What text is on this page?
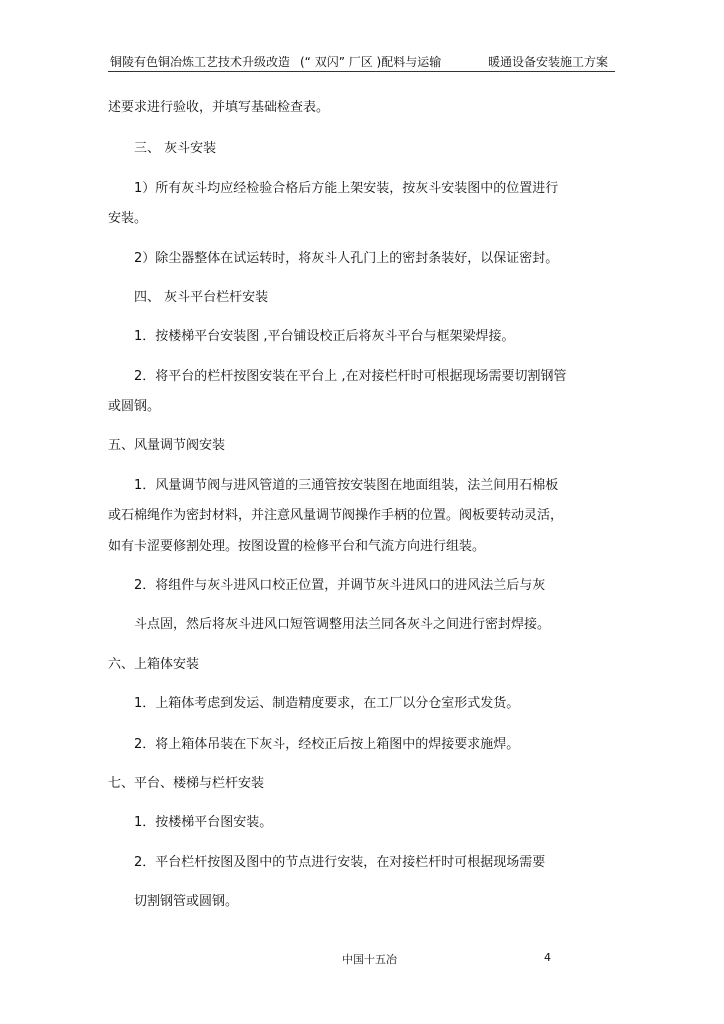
铜陵有色铜冶炼工艺技术升级改造 (“ 双闪” 厂区 )配料与运输	暖通设备安装施工方案
述要求进行验收，并填写基础检查表。
三、 灰斗安装
1）所有灰斗均应经检验合格后方能上架安装，按灰斗安装图中的位置进行
安装。
2）除尘器整体在试运转时，将灰斗人孔门上的密封条装好，以保证密封。
四、 灰斗平台栏杆安装
1．按楼梯平台安装图 ,平台铺设校正后将灰斗平台与框架梁焊接。
2．将平台的栏杆按图安装在平台上 ,在对接栏杆时可根据现场需要切割钢管
或圆钢。
五、风量调节阀安装
1．风量调节阀与进风管道的三通管按安装图在地面组装，法兰间用石棉板
或石棉绳作为密封材料，并注意风量调节阀操作手柄的位置。阀板要转动灵活，
如有卡涩要修割处理。按图设置的检修平台和气流方向进行组装。
2．将组件与灰斗进风口校正位置，并调节灰斗进风口的进风法兰后与灰
斗点固，然后将灰斗进风口短管调整用法兰同各灰斗之间进行密封焊接。
六、上箱体安装
1．上箱体考虑到发运、制造精度要求，在工厂以分仓室形式发货。
2．将上箱体吊装在下灰斗，经校正后按上箱图中的焊接要求施焊。
七、平台、楼梯与栏杆安装
1．按楼梯平台图安装。
2．平台栏杆按图及图中的节点进行安装，在对接栏杆时可根据现场需要
切割钢管或圆钢。
中国十五冶	4
